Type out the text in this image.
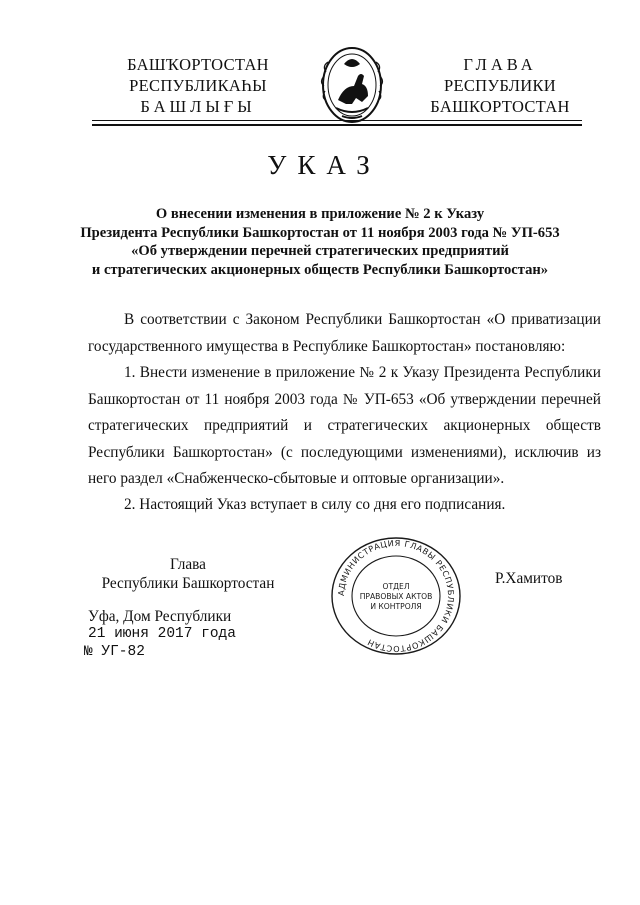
БАШҠОРТОСТАН
РЕСПУБЛИКАҺЫ
БАШЛЫҒЫ
ГЛАВА
РЕСПУБЛИКИ
БАШКОРТОСТАН
УКАЗ
О внесении изменения в приложение № 2 к Указу
Президента Республики Башкортостан от 11 ноября 2003 года № УП-653
«Об утверждении перечней стратегических предприятий
и стратегических акционерных обществ Республики Башкортостан»
В соответствии с Законом Республики Башкортостан «О приватизации государственного имущества в Республике Башкортостан» постановляю:
1. Внести изменение в приложение № 2 к Указу Президента Республики Башкортостан от 11 ноября 2003 года № УП-653 «Об утверждении перечней стратегических предприятий и стратегических акционерных обществ Республики Башкортостан» (с последующими изменениями), исключив из него раздел «Снабженческо-сбытовые и оптовые организации».
2. Настоящий Указ вступает в силу со дня его подписания.
Глава
Республики Башкортостан
АДМИНИСТРАЦИЯ ГЛАВЫ РЕСПУБЛИКИ БАШКОРТОСТАН
ОТДЕЛ
ПРАВОВЫХ АКТОВ
И КОНТРОЛЯ
Р.Хамитов
Уфа, Дом Республики
21 июня 2017 года
№ УГ-82
